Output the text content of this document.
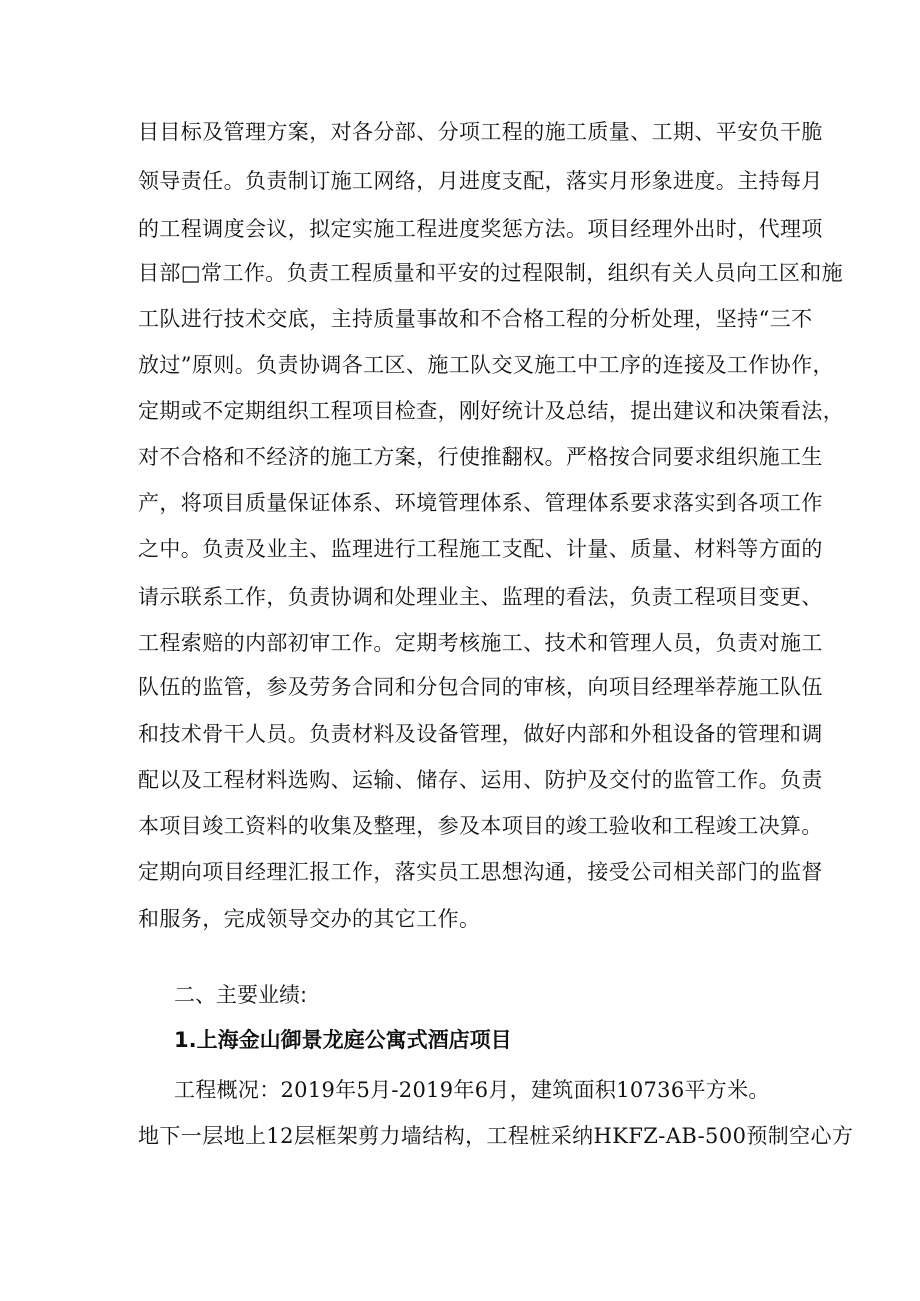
目目标及管理方案，对各分部、分项工程的施工质量、工期、平安负干脆
领导责任。负责制订施工网络，月进度支配，落实月形象进度。主持每月
的工程调度会议，拟定实施工程进度奖惩方法。项目经理外出时，代理项
目部□常工作。负责工程质量和平安的过程限制，组织有关人员向工区和施
工队进行技术交底，主持质量事故和不合格工程的分析处理，坚持“三不
放过”原则。负责协调各工区、施工队交叉施工中工序的连接及工作协作，
定期或不定期组织工程项目检查，刚好统计及总结，提出建议和决策看法，
对不合格和不经济的施工方案，行使推翻权。严格按合同要求组织施工生
产，将项目质量保证体系、环境管理体系、管理体系要求落实到各项工作
之中。负责及业主、监理进行工程施工支配、计量、质量、材料等方面的
请示联系工作，负责协调和处理业主、监理的看法，负责工程项目变更、
工程索赔的内部初审工作。定期考核施工、技术和管理人员，负责对施工
队伍的监管，参及劳务合同和分包合同的审核，向项目经理举荐施工队伍
和技术骨干人员。负责材料及设备管理，做好内部和外租设备的管理和调
配以及工程材料选购、运输、储存、运用、防护及交付的监管工作。负责
本项目竣工资料的收集及整理，参及本项目的竣工验收和工程竣工决算。
定期向项目经理汇报工作，落实员工思想沟通，接受公司相关部门的监督
和服务，完成领导交办的其它工作。
二、主要业绩:
1.上海金山御景龙庭公寓式酒店项目
工程概况：2019年5月-2019年6月，建筑面积10736平方米。
地下一层地上12层框架剪力墙结构，工程桩采纳HKFZ-AB-500预制空心方
